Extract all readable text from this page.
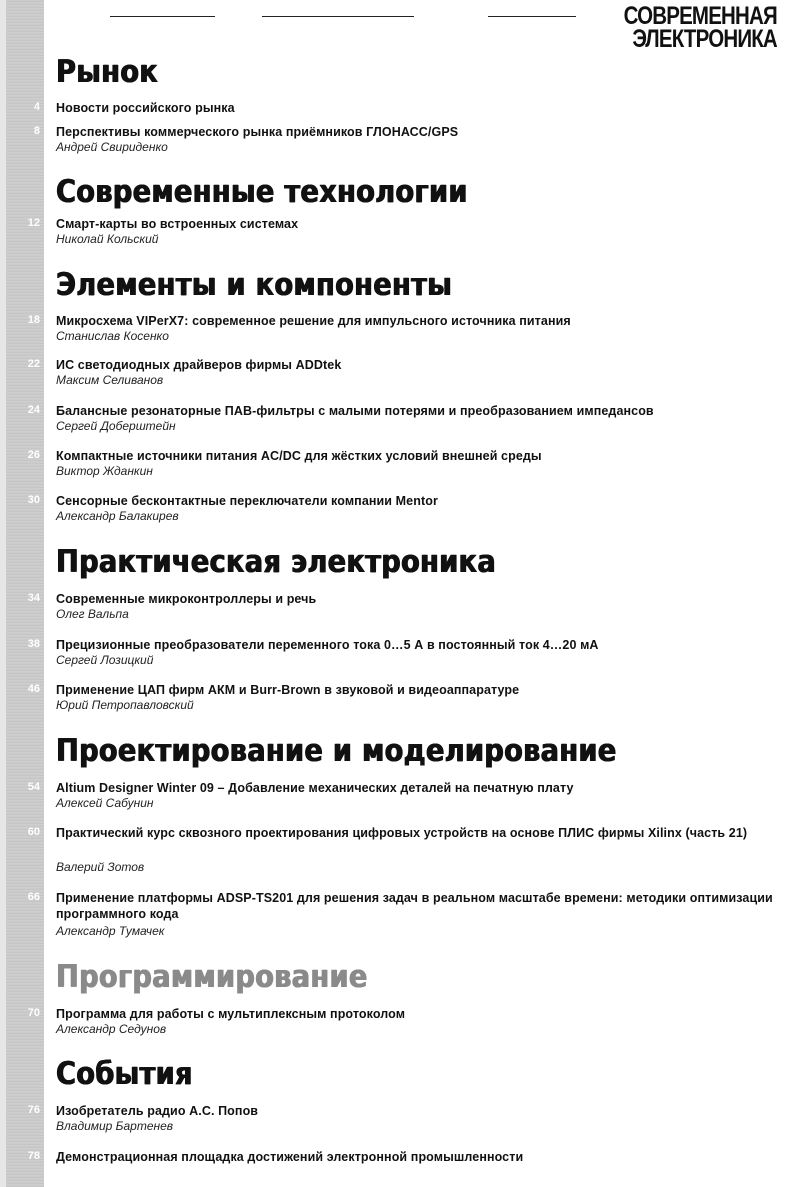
СОВРЕМЕННАЯ
ЭЛЕКТРОНИКА
Рынок
4 Новости российского рынка
8 Перспективы коммерческого рынка приёмников ГЛОНАСС/GPS
Андрей Свириденко
Современные технологии
12 Смарт-карты во встроенных системах
Николай Кольский
Элементы и компоненты
18 Микросхема VIPerX7: современное решение для импульсного источника питания
Станислав Косенко
22 ИС светодиодных драйверов фирмы ADDtek
Максим Селиванов
24 Балансные резонаторные ПАВ-фильтры с малыми потерями и преобразованием импедансов
Сергей Доберштейн
26 Компактные источники питания AC/DC для жёстких условий внешней среды
Виктор Жданкин
30 Сенсорные бесконтактные переключатели компании Mentor
Александр Балакирев
Практическая электроника
34 Современные микроконтроллеры и речь
Олег Вальпа
38 Прецизионные преобразователи переменного тока 0…5 А в постоянный ток 4…20 мА
Сергей Лозицкий
46 Применение ЦАП фирм АКМ и Burr-Brown в звуковой и видеоаппаратуре
Юрий Петропавловский
Проектирование и моделирование
54 Altium Designer Winter 09 – Добавление механических деталей на печатную плату
Алексей Сабунин
60 Практический курс сквозного проектирования цифровых устройств на основе ПЛИС фирмы Xilinx (часть 21)
Валерий Зотов
66 Применение платформы ADSP-TS201 для решения задач в реальном масштабе времени: методики оптимизации программного кода
Александр Тумачек
Программирование
70 Программа для работы с мультиплексным протоколом
Александр Седунов
События
76 Изобретатель радио А.С. Попов
Владимир Бартенев
78 Демонстрационная площадка достижений электронной промышленности
